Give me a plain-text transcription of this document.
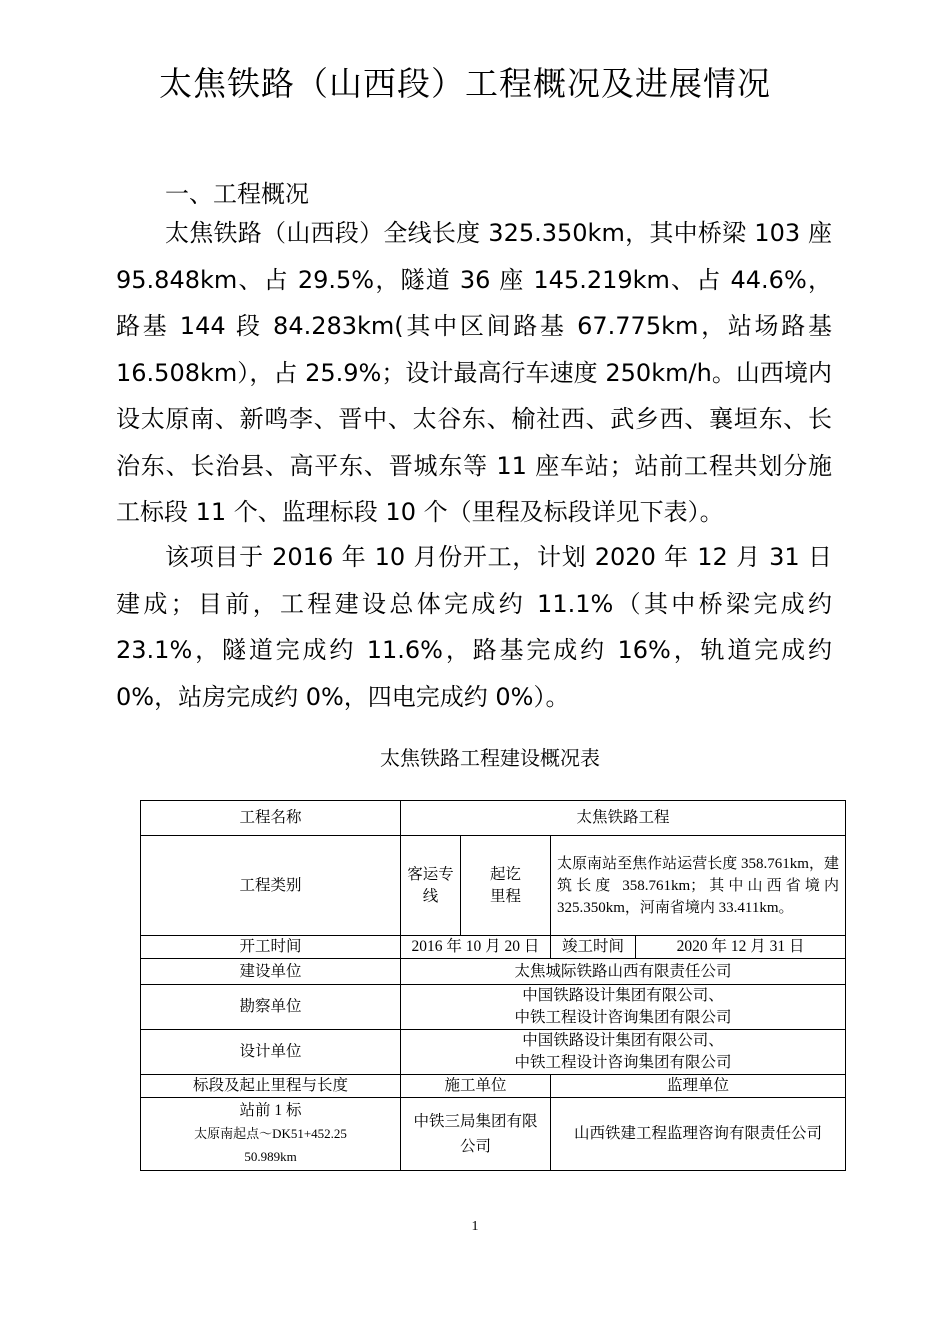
太焦铁路（山西段）工程概况及进展情况
一、工程概况

太焦铁路（山西段）全线长度 325.350km，其中桥梁 103 座 95.848km、占 29.5%，隧道 36 座 145.219km、占 44.6%，路基 144 段 84.283km(其中区间路基 67.775km，站场路基 16.508km），占 25.9%；设计最高行车速度 250km/h。山西境内设太原南、新鸣李、晋中、太谷东、榆社西、武乡西、襄垣东、长治东、长治县、高平东、晋城东等 11 座车站；站前工程共划分施工标段 11 个、监理标段 10 个（里程及标段详见下表）。

该项目于 2016 年 10 月份开工，计划 2020 年 12 月 31 日建成；目前，工程建设总体完成约 11.1%（其中桥梁完成约 23.1%，隧道完成约 11.6%，路基完成约 16%，轨道完成约 0%，站房完成约 0%，四电完成约 0%）。

太焦铁路工程建设概况表
工程名称	太焦铁路工程			
工程类别	客运专线	起讫里程	太原南站至焦作站运营长度 358.761km，建筑长度 358.761km；其中山西省境内 325.350km，河南省境内 33.411km。	
开工时间	2016 年 10 月 20 日		竣工时间	2020 年 12 月 31 日
建设单位	太焦城际铁路山西有限责任公司			
勘察单位	中国铁路设计集团有限公司、
中铁工程设计咨询集团有限公司			

设计单位	中国铁路设计集团有限公司、
中铁工程设计咨询集团有限公司			

标段及起止里程与长度	施工单位		监理单位	

站前 1 标
太原南起点～DK51+452.25
50.989km	中铁三局集团有限公司		山西铁建工程监理咨询有限责任公司	
1
